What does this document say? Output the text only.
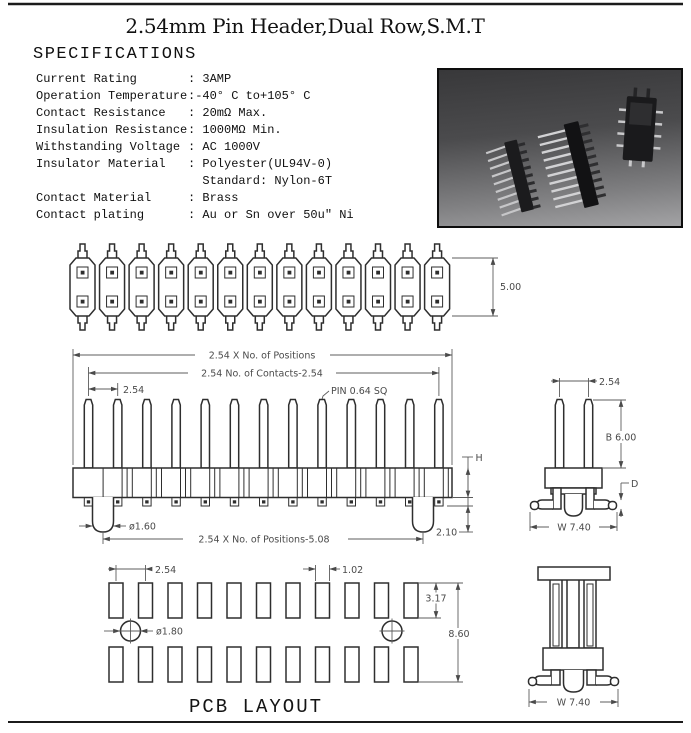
2.54mm Pin Header,Dual Row,S.M.T
SPECIFICATIONS
Current Rating	: 3AMP
Operation Temperature:-40° C to+105° C
Contact Resistance : 20mΩ Max.
Insulation Resistance: 1000MΩ Min.
Withstanding Voltage : AC 1000V
Insulator Material : Polyester(UL94V-0)
Standard: Nylon-6T
Contact Material	: Brass
Contact plating	: Au or Sn over 50u" Ni
5.00
2.54 X No. of Positions
2.54 No. of Contacts-2.54
2.54	PIN 0.64 SQ
ø1.60
2.54 X No. of Positions-5.08
H
2.10
2.54
B 6.00
D
W 7.40
ø1.80
2.54	1.02
3.17
8.60
PCB LAYOUT	W 7.40
